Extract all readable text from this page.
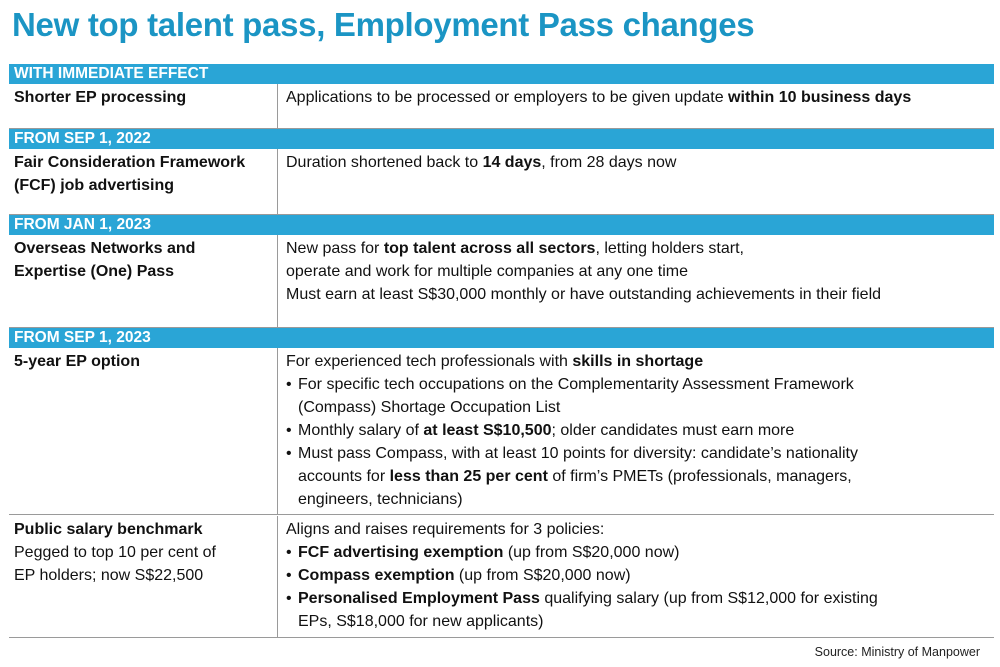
New top talent pass, Employment Pass changes
WITH IMMEDIATE EFFECT
Shorter EP processing	Applications to be processed or employers to be given update within 10 business days
FROM SEP 1, 2022
Fair Consideration Framework
(FCF) job advertising
Duration shortened back to 14 days, from 28 days now
FROM JAN 1, 2023
Overseas Networks and
Expertise (One) Pass
New pass for top talent across all sectors, letting holders start,
operate and work for multiple companies at any one time
Must earn at least S$30,000 monthly or have outstanding achievements in their field
FROM SEP 1, 2023
5-year EP option	For experienced tech professionals with skills in shortage
• For specific tech occupations on the Complementarity Assessment Framework
(Compass) Shortage Occupation List
• Monthly salary of at least S$10,500; older candidates must earn more
• Must pass Compass, with at least 10 points for diversity: candidate’s nationality
accounts for less than 25 per cent of firm’s PMETs (professionals, managers,
engineers, technicians)
Public salary benchmark
Pegged to top 10 per cent of
EP holders; now S$22,500
Aligns and raises requirements for 3 policies:
• FCF advertising exemption (up from S$20,000 now)
• Compass exemption (up from S$20,000 now)
• Personalised Employment Pass qualifying salary (up from S$12,000 for existing
EPs, S$18,000 for new applicants)
Source: Ministry of Manpower
